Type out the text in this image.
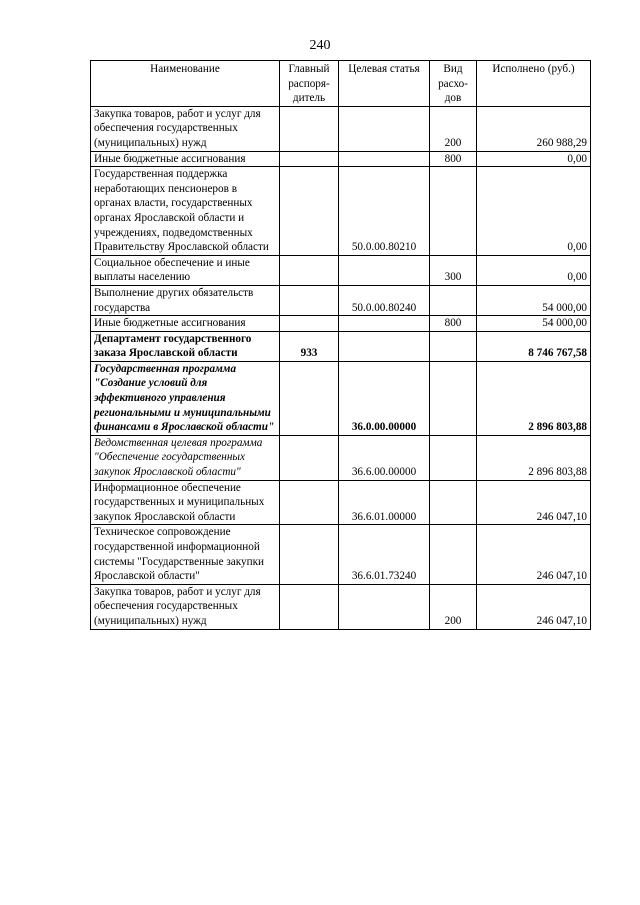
240
Наименование	Главный распоря-дитель	Целевая статья	Вид расхо-дов	Исполнено (руб.)
Закупка товаров, работ и услуг для обеспечения государственных (муниципальных) нужд			200	260 988,29
Иные бюджетные ассигнования			800	0,00
Государственная поддержка неработающих пенсионеров в органах власти, государственных органах Ярославской области и учреждениях, подведомственных Правительству Ярославской области		50.0.00.80210		0,00
Социальное обеспечение и иные выплаты населению			300	0,00
Выполнение других обязательств государства		50.0.00.80240		54 000,00
Иные бюджетные ассигнования			800	54 000,00
Департамент государственного заказа Ярославской области	933			8 746 767,58
Государственная программа "Создание условий для эффективного управления региональными и муниципальными финансами в Ярославской области"		36.0.00.00000		2 896 803,88
Ведомственная целевая программа "Обеспечение государственных закупок Ярославской области"		36.6.00.00000		2 896 803,88
Информационное обеспечение государственных и муниципальных закупок Ярославской области		36.6.01.00000		246 047,10
Техническое сопровождение государственной информационной системы "Государственные закупки Ярославской области"		36.6.01.73240		246 047,10
Закупка товаров, работ и услуг для обеспечения государственных (муниципальных) нужд			200	246 047,10
